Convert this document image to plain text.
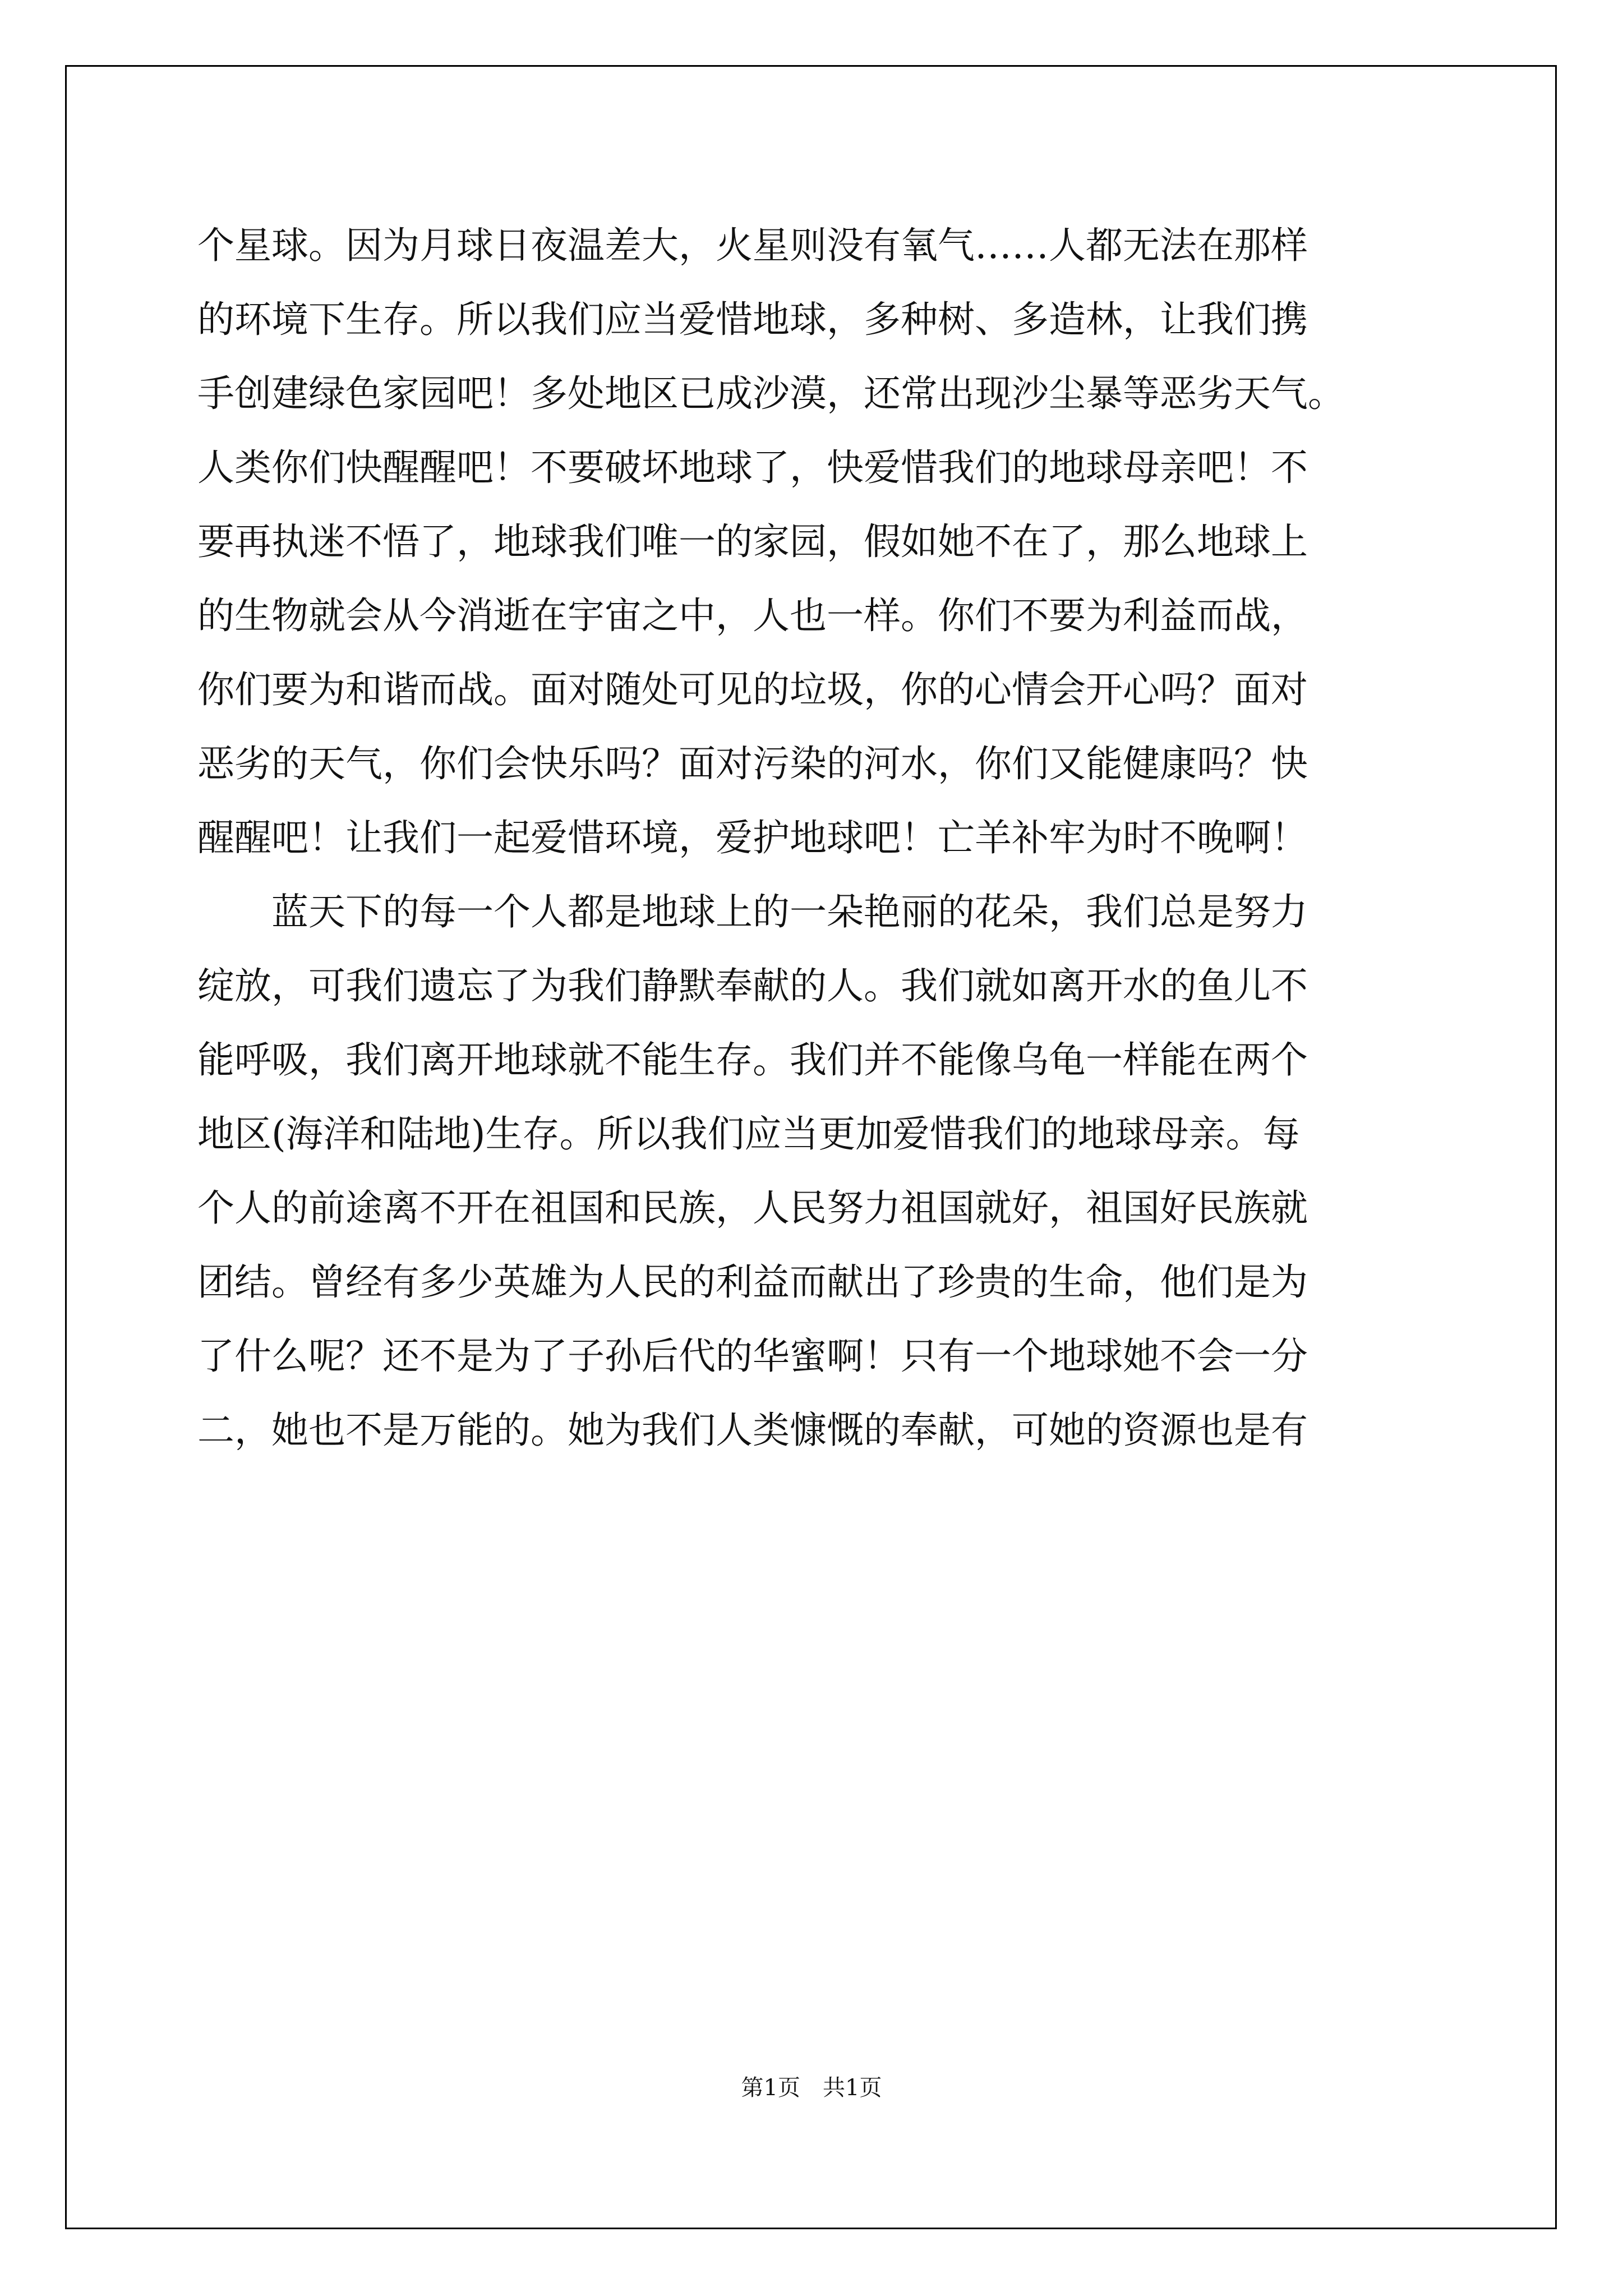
个星球。因为月球日夜温差大，火星则没有氧气……人都无法在那样
的环境下生存。所以我们应当爱惜地球，多种树、多造林，让我们携
手创建绿色家园吧！多处地区已成沙漠，还常出现沙尘暴等恶劣天气。
人类你们快醒醒吧！不要破坏地球了，快爱惜我们的地球母亲吧！不
要再执迷不悟了，地球我们唯一的家园，假如她不在了，那么地球上
的生物就会从今消逝在宇宙之中，人也一样。你们不要为利益而战，
你们要为和谐而战。面对随处可见的垃圾，你的心情会开心吗？面对
恶劣的天气，你们会快乐吗？面对污染的河水，你们又能健康吗？快
醒醒吧！让我们一起爱惜环境，爱护地球吧！亡羊补牢为时不晚啊！
蓝天下的每一个人都是地球上的一朵艳丽的花朵，我们总是努力
绽放，可我们遗忘了为我们静默奉献的人。我们就如离开水的鱼儿不
能呼吸，我们离开地球就不能生存。我们并不能像乌龟一样能在两个
地区(海洋和陆地)生存。所以我们应当更加爱惜我们的地球母亲。每
个人的前途离不开在祖国和民族，人民努力祖国就好，祖国好民族就
团结。曾经有多少英雄为人民的利益而献出了珍贵的生命，他们是为
了什么呢？还不是为了子孙后代的华蜜啊！只有一个地球她不会一分
二，她也不是万能的。她为我们人类慷慨的奉献，可她的资源也是有
第1页　共1页
